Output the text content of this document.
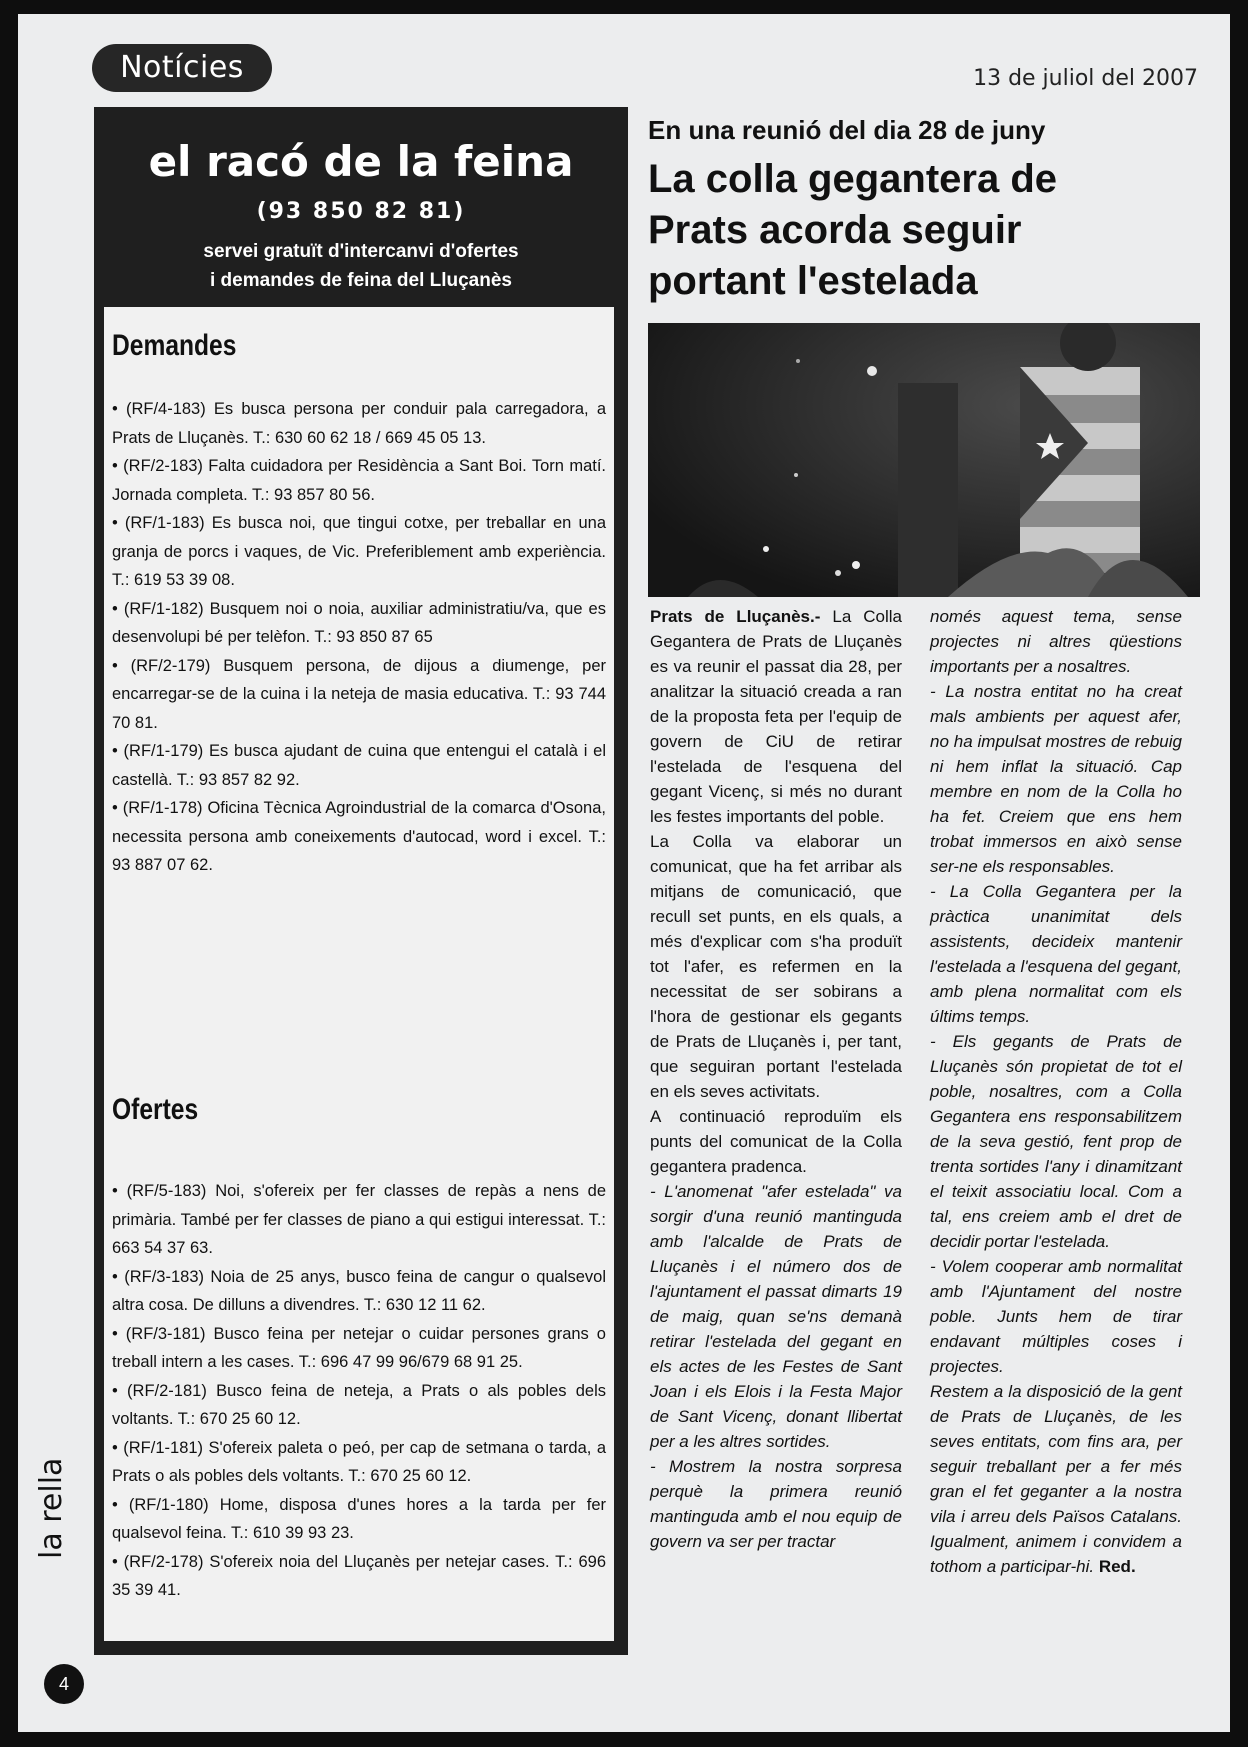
Notícies	13 de juliol del 2007
la rella
4
el racó de la feina
(93 850 82 81)
servei gratuït d'intercanvi d'ofertes
i demandes de feina del Lluçanès
Demandes

• (RF/4-183) Es busca persona per conduir pala carregadora, a Prats de Lluçanès. T.: 630 60 62 18 / 669 45 05 13.

• (RF/2-183) Falta cuidadora per Residència a Sant Boi. Torn matí. Jornada completa. T.: 93 857 80 56.

• (RF/1-183) Es busca noi, que tingui cotxe, per treballar en una granja de porcs i vaques, de Vic. Preferiblement amb experiència. T.: 619 53 39 08.

• (RF/1-182) Busquem noi o noia, auxiliar administratiu/va, que es desenvolupi bé per telèfon. T.: 93 850 87 65

• (RF/2-179) Busquem persona, de dijous a diumenge, per encarregar-se de la cuina i la neteja de masia educativa. T.: 93 744 70 81.

• (RF/1-179) Es busca ajudant de cuina que entengui el català i el castellà. T.: 93 857 82 92.

• (RF/1-178) Oficina Tècnica Agroindustrial de la comarca d'Osona, necessita persona amb coneixements d'autocad, word i excel. T.: 93 887 07 62.

Ofertes

• (RF/5-183) Noi, s'ofereix per fer classes de repàs a nens de primària. També per fer classes de piano a qui estigui interessat. T.: 663 54 37 63.

• (RF/3-183) Noia de 25 anys, busco feina de cangur o qualsevol altra cosa. De dilluns a divendres. T.: 630 12 11 62.

• (RF/3-181) Busco feina per netejar o cuidar persones grans o treball intern a les cases. T.: 696 47 99 96/679 68 91 25.

• (RF/2-181) Busco feina de neteja, a Prats o als pobles dels voltants. T.: 670 25 60 12.

• (RF/1-181) S'ofereix paleta o peó, per cap de setmana o tarda, a Prats o als pobles dels voltants. T.: 670 25 60 12.

• (RF/1-180) Home, disposa d'unes hores a la tarda per fer qualsevol feina. T.: 610 39 93 23.

• (RF/2-178) S'ofereix noia del Lluçanès per netejar cases. T.: 696 35 39 41.

En una reunió del dia 28 de juny
La colla gegantera de Prats acorda seguir portant l'estelada

Prats de Lluçanès.- La Colla Gegantera de Prats de Lluçanès es va reunir el passat dia 28, per analitzar la situació creada a ran de la proposta feta per l'equip de govern de CiU de retirar l'estelada de l'esquena del gegant Vicenç, si més no durant les festes importants del poble.

La Colla va elaborar un comunicat, que ha fet arribar als mitjans de comunicació, que recull set punts, en els quals, a més d'explicar com s'ha produït tot l'afer, es refermen en la necessitat de ser sobirans a l'hora de gestionar els gegants de Prats de Lluçanès i, per tant, que seguiran portant l'estelada en els seves activitats.

A continuació reproduïm els punts del comunicat de la Colla gegantera pradenca.

- L'anomenat "afer estelada" va sorgir d'una reunió mantinguda amb l'alcalde de Prats de Lluçanès i el número dos de l'ajuntament el passat dimarts 19 de maig, quan se'ns demanà retirar l'estelada del gegant en els actes de les Festes de Sant Joan i els Elois i la Festa Major de Sant Vicenç, donant llibertat per a les altres sortides.

- Mostrem la nostra sorpresa perquè la primera reunió mantinguda amb el nou equip de govern va ser per tractar

només aquest tema, sense projectes ni altres qüestions importants per a nosaltres.

- La nostra entitat no ha creat mals ambients per aquest afer, no ha impulsat mostres de rebuig ni hem inflat la situació. Cap membre en nom de la Colla ho ha fet. Creiem que ens hem trobat immersos en això sense ser-ne els responsables.

- La Colla Gegantera per la pràctica unanimitat dels assistents, decideix mantenir l'estelada a l'esquena del gegant, amb plena normalitat com els últims temps.

- Els gegants de Prats de Lluçanès són propietat de tot el poble, nosaltres, com a Colla Gegantera ens responsabilitzem de la seva gestió, fent prop de trenta sortides l'any i dinamitzant el teixit associatiu local. Com a tal, ens creiem amb el dret de decidir portar l'estelada.

- Volem cooperar amb normalitat amb l'Ajuntament del nostre poble. Junts hem de tirar endavant múltiples coses i projectes.

Restem a la disposició de la gent de Prats de Lluçanès, de les seves entitats, com fins ara, per seguir treballant per a fer més gran el fet geganter a la nostra vila i arreu dels Països Catalans. Igualment, animem i convidem a tothom a participar-hi. Red.
